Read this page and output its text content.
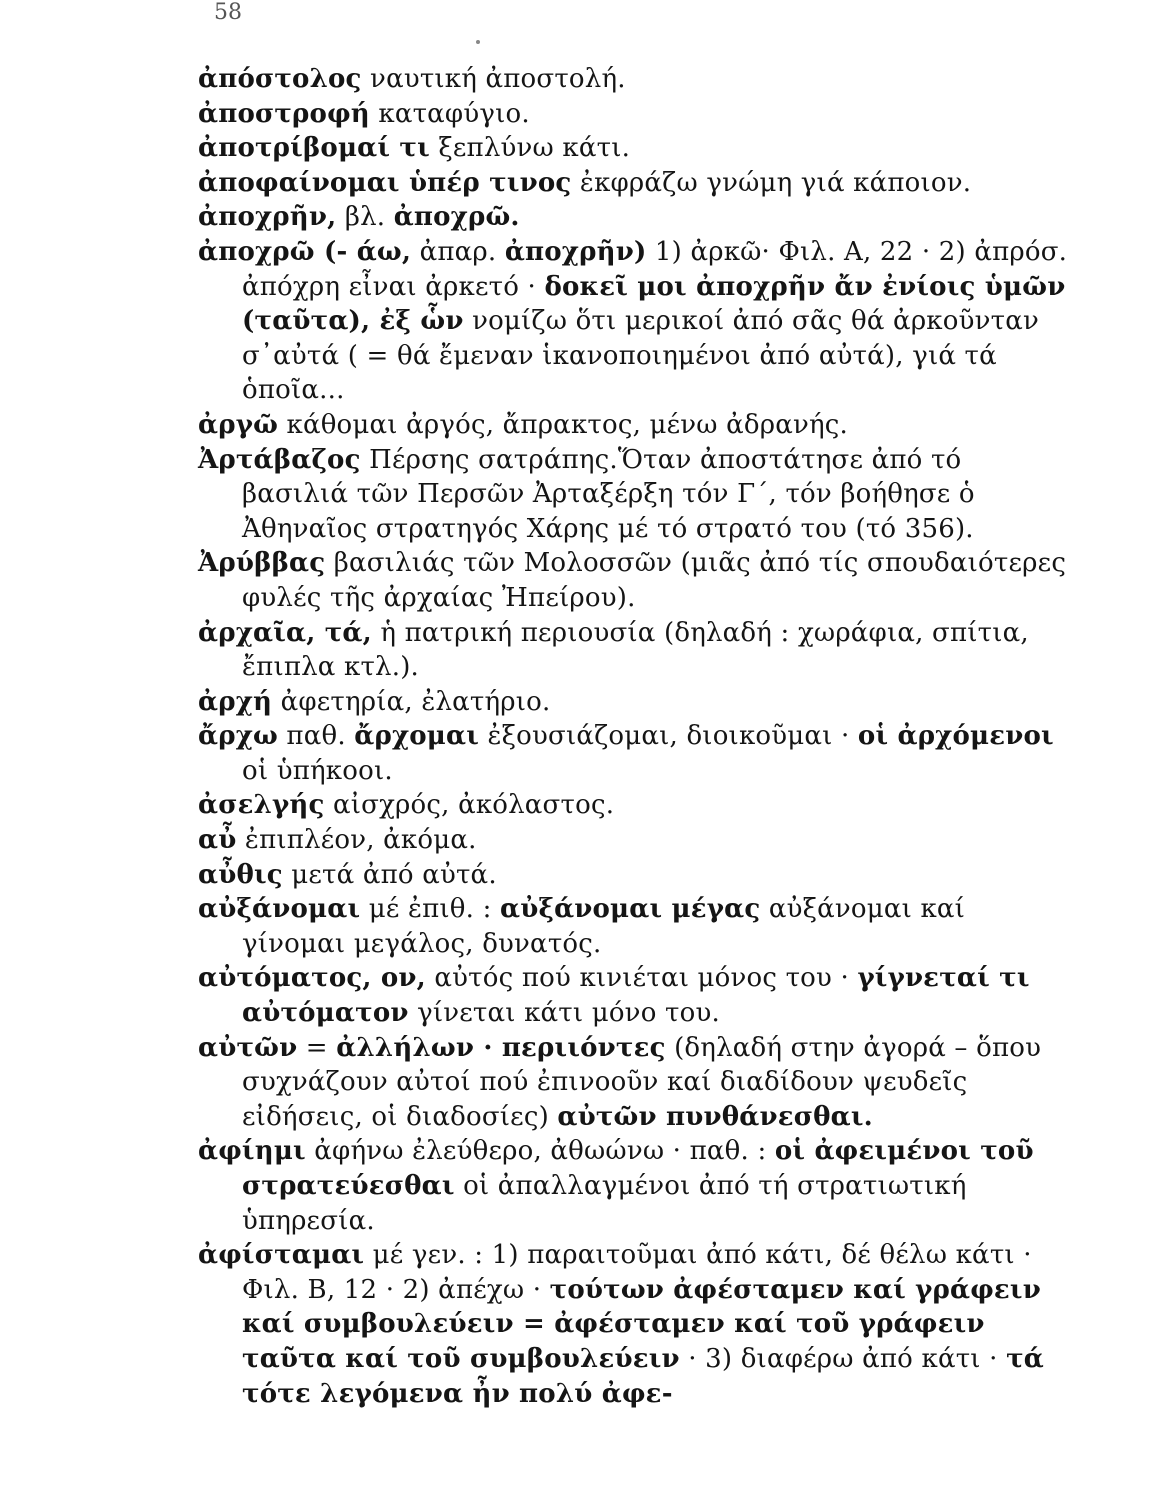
58

ἀπόστολος ναυτική ἀποστολή.

ἀποστροφή καταφύγιο.

ἀποτρίβομαί τι ξεπλύνω κάτι.

ἀποφαίνομαι ὑπέρ τινος ἐκφράζω γνώμη γιά κάποιον.

ἀποχρῆν, βλ. ἀποχρῶ.

ἀποχρῶ (- άω, ἀπαρ. ἀποχρῆν) 1) ἀρκῶ· Φιλ. Α, 22 · 2) ἀπρόσ. ἀπόχρη εἶναι ἀρκετό · δοκεῖ μοι ἀποχρῆν ἄν ἐνίοις ὑμῶν (ταῦτα), ἐξ ὧν νομίζω ὅτι μερικοί ἀπό σᾶς θά ἀρκοῦνταν σ᾽αὐτά ( = θά ἔμεναν ἱκανοποιημένοι ἀπό αὐτά), γιά τά ὁποῖα...

ἀργῶ κάθομαι ἀργός, ἄπρακτος, μένω ἀδρανής.

Ἀρτάβαζος Πέρσης σατράπης.Ὅταν ἀποστάτησε ἀπό τό βασιλιά τῶν Περσῶν Ἀρταξέρξη τόν Γ΄, τόν βοήθησε ὁ Ἀθηναῖος στρατηγός Χάρης μέ τό στρατό του (τό 356).

Ἀρύββας βασιλιάς τῶν Μολοσσῶν (μιᾶς ἀπό τίς σπουδαιότερες φυλές τῆς ἀρχαίας Ἠπείρου).

ἀρχαῖα, τά, ἡ πατρική περιουσία (δηλαδή : χωράφια, σπίτια, ἔπιπλα κτλ.).

ἀρχή ἀφετηρία, ἐλατήριο.

ἄρχω παθ. ἄρχομαι ἐξουσιάζομαι, διοικοῦμαι · οἱ ἀρχόμενοι οἱ ὑπήκοοι.

ἀσελγής αἰσχρός, ἀκόλαστος.

αὖ ἐπιπλέον, ἀκόμα.

αὖθις μετά ἀπό αὐτά.

αὐξάνομαι μέ ἐπιθ. : αὐξάνομαι μέγας αὐξάνομαι καί γίνομαι μεγάλος, δυνατός.

αὐτόματος, ον, αὐτός πού κινιέται μόνος του · γίγνεταί τι αὐτόματον γίνεται κάτι μόνο του.

αὐτῶν = ἀλλήλων · περιιόντες (δηλαδή στην ἀγορά – ὅπου συχνάζουν αὐτοί πού ἐπινοοῦν καί διαδίδουν ψευδεῖς εἰδήσεις, οἱ διαδοσίες) αὐτῶν πυνθάνεσθαι.

ἀφίημι ἀφήνω ἐλεύθερο, ἀθωώνω · παθ. : οἱ ἀφειμένοι τοῦ στρατεύεσθαι οἱ ἀπαλλαγμένοι ἀπό τή στρατιωτική ὑπηρεσία.

ἀφίσταμαι μέ γεν. : 1) παραιτοῦμαι ἀπό κάτι, δέ θέλω κάτι · Φιλ. Β, 12 · 2) ἀπέχω · τούτων ἀφέσταμεν καί γράφειν καί συμβουλεύειν = ἀφέσταμεν καί τοῦ γράφειν ταῦτα καί τοῦ συμβουλεύειν · 3) διαφέρω ἀπό κάτι · τά τότε λεγόμενα ἦν πολύ ἀφε-
